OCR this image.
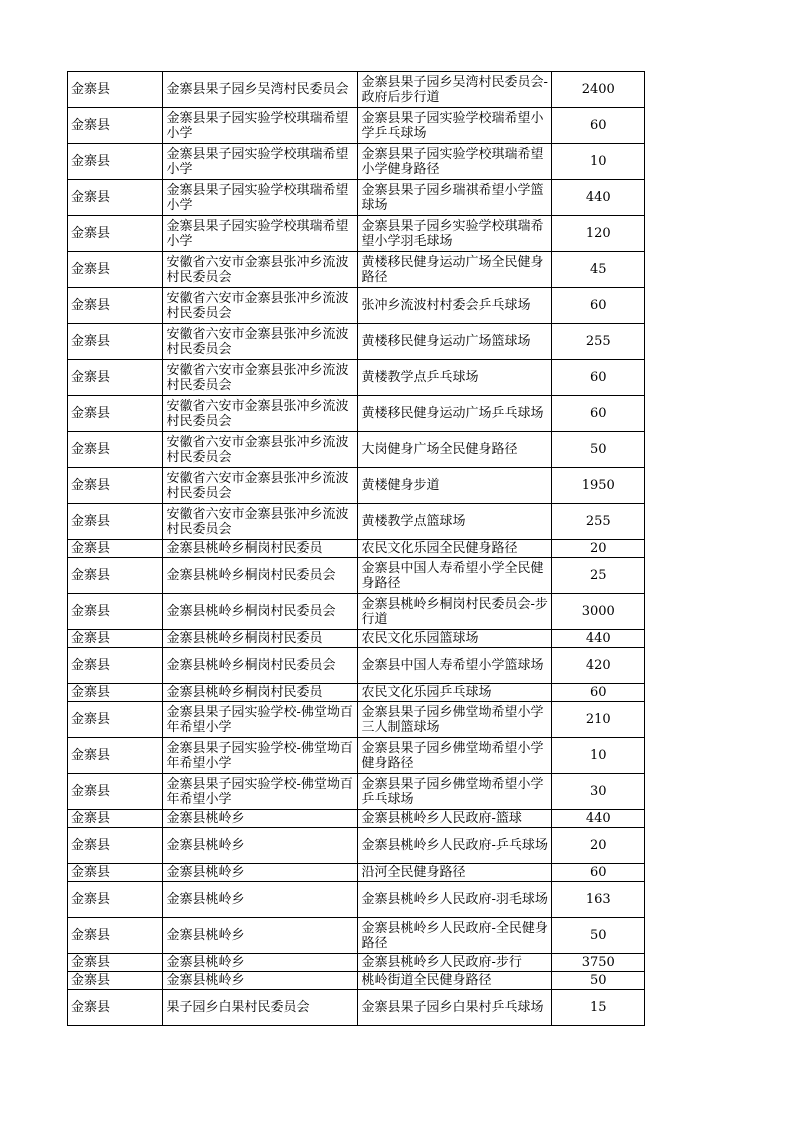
金寨县	金寨县果子园乡吴湾村民委员会	金寨县果子园乡吴湾村民委员会-政府后步行道	2400
金寨县	金寨县果子园实验学校琪瑞希望小学	金寨县果子园实验学校瑞希望小学乒乓球场	60
金寨县	金寨县果子园实验学校琪瑞希望小学	金寨县果子园实验学校琪瑞希望小学健身路径	10
金寨县	金寨县果子园实验学校琪瑞希望小学	金寨县果子园乡瑞祺希望小学篮球场	440
金寨县	金寨县果子园实验学校琪瑞希望小学	金寨县果子园乡实验学校琪瑞希望小学羽毛球场	120
金寨县	安徽省六安市金寨县张冲乡流波村民委员会	黄楼移民健身运动广场全民健身路径	45
金寨县	安徽省六安市金寨县张冲乡流波村民委员会	张冲乡流波村村委会乒乓球场	60
金寨县	安徽省六安市金寨县张冲乡流波村民委员会	黄楼移民健身运动广场篮球场	255
金寨县	安徽省六安市金寨县张冲乡流波村民委员会	黄楼教学点乒乓球场	60
金寨县	安徽省六安市金寨县张冲乡流波村民委员会	黄楼移民健身运动广场乒乓球场	60
金寨县	安徽省六安市金寨县张冲乡流波村民委员会	大岗健身广场全民健身路径	50
金寨县	安徽省六安市金寨县张冲乡流波村民委员会	黄楼健身步道	1950
金寨县	安徽省六安市金寨县张冲乡流波村民委员会	黄楼教学点篮球场	255
金寨县	金寨县桃岭乡桐岗村民委员	农民文化乐园全民健身路径	20
金寨县	金寨县桃岭乡桐岗村民委员会	金寨县中国人寿希望小学全民健身路径	25
金寨县	金寨县桃岭乡桐岗村民委员会	金寨县桃岭乡桐岗村民委员会-步行道	3000
金寨县	金寨县桃岭乡桐岗村民委员	农民文化乐园篮球场	440
金寨县	金寨县桃岭乡桐岗村民委员会	金寨县中国人寿希望小学篮球场	420
金寨县	金寨县桃岭乡桐岗村民委员	农民文化乐园乒乓球场	60
金寨县	金寨县果子园实验学校-佛堂坳百年希望小学	金寨县果子园乡佛堂坳希望小学三人制篮球场	210
金寨县	金寨县果子园实验学校-佛堂坳百年希望小学	金寨县果子园乡佛堂坳希望小学健身路径	10
金寨县	金寨县果子园实验学校-佛堂坳百年希望小学	金寨县果子园乡佛堂坳希望小学乒乓球场	30
金寨县	金寨县桃岭乡	金寨县桃岭乡人民政府-篮球	440
金寨县	金寨县桃岭乡	金寨县桃岭乡人民政府-乒乓球场	20
金寨县	金寨县桃岭乡	沿河全民健身路径	60
金寨县	金寨县桃岭乡	金寨县桃岭乡人民政府-羽毛球场	163
金寨县	金寨县桃岭乡	金寨县桃岭乡人民政府-全民健身路径	50
金寨县	金寨县桃岭乡	金寨县桃岭乡人民政府-步行	3750
金寨县	金寨县桃岭乡	桃岭街道全民健身路径	50
金寨县	果子园乡白果村民委员会	金寨县果子园乡白果村乒乓球场	15
